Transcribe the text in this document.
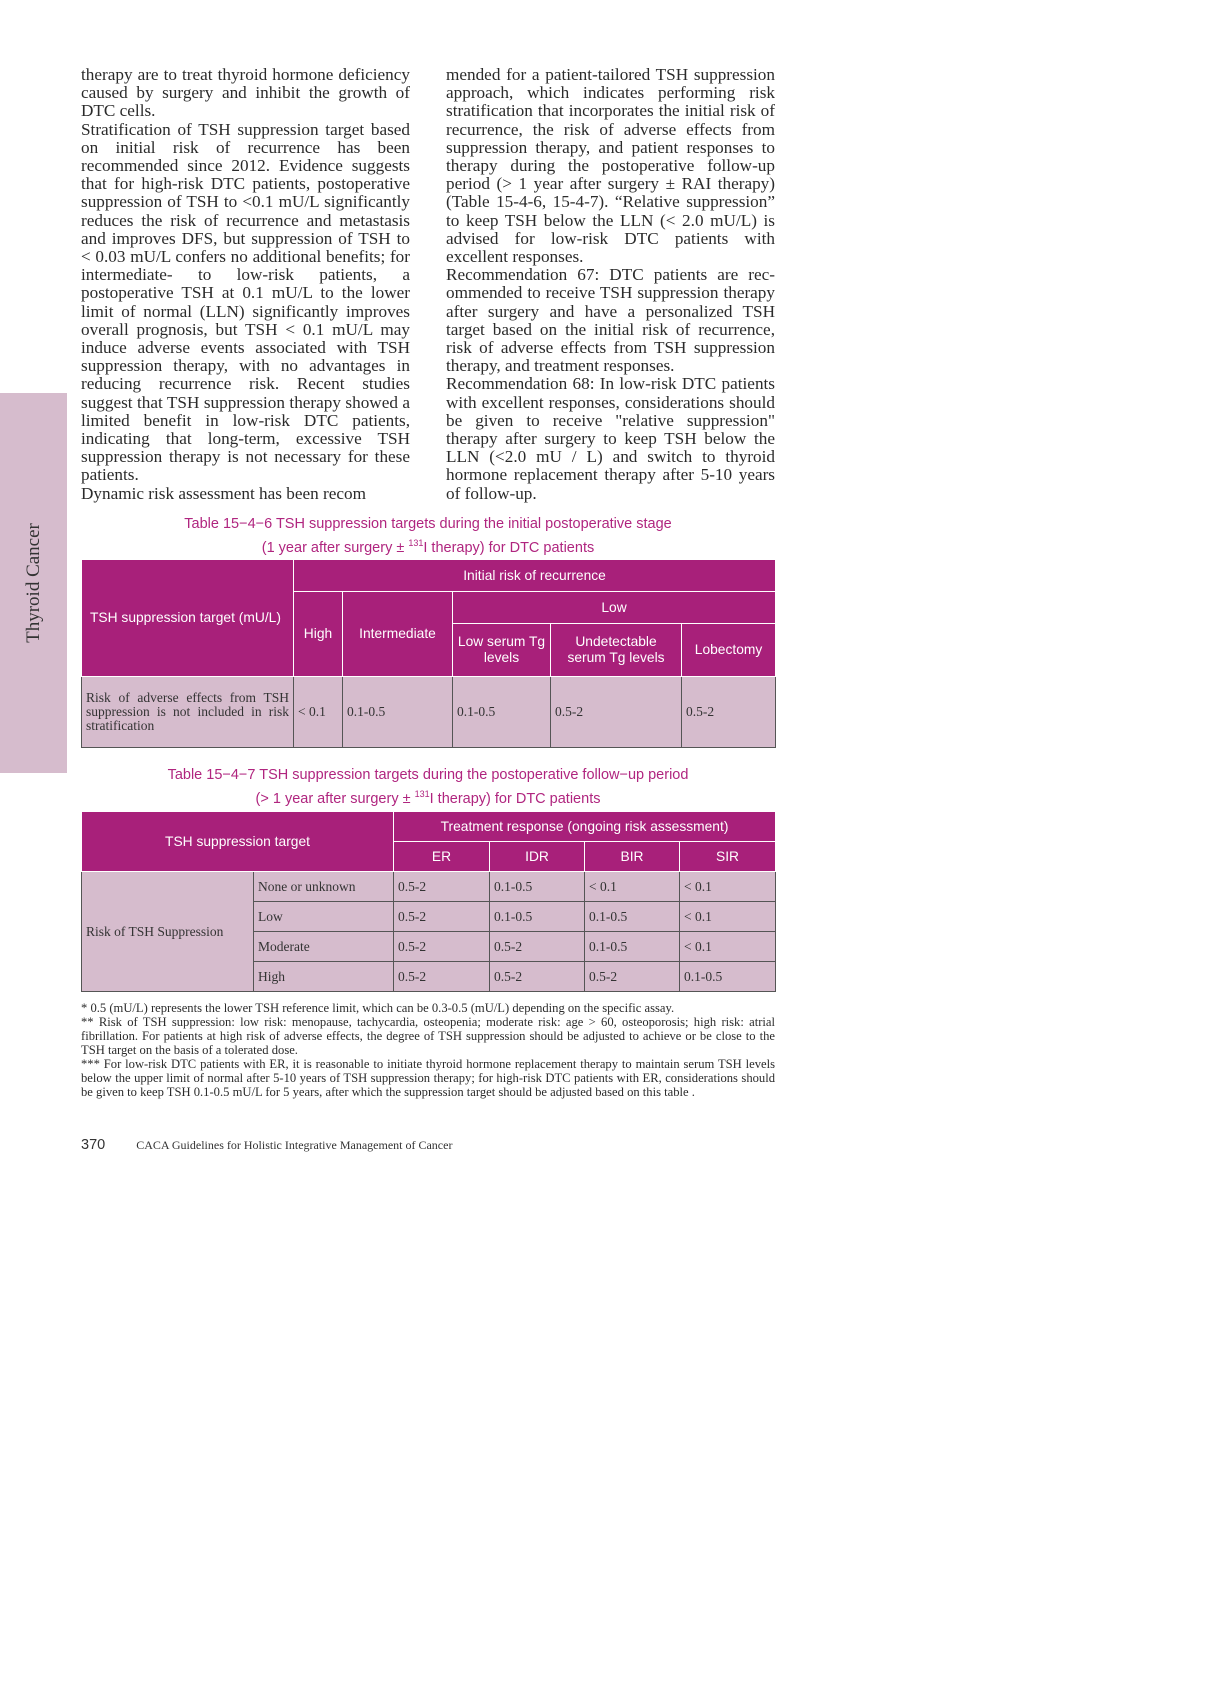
Thyroid Cancer

therapy are to treat thyroid hormone deficiency caused by surgery and inhibit the growth of DTC cells.

Stratification of TSH suppression target based on initial risk of recurrence has been recommended since 2012. Evidence suggests that for high-risk DTC patients, postoperative suppression of TSH to <0.1 mU/L significantly reduces the risk of recurrence and metastasis and improves DFS, but suppression of TSH to < 0.03 mU/L confers no additional benefits; for intermediate- to low-risk patients, a postoperative TSH at 0.1 mU/L to the lower limit of normal (LLN) significantly improves overall prognosis, but TSH < 0.1 mU/L may induce adverse events associated with TSH suppression therapy, with no advantages in reducing recurrence risk. Recent studies suggest that TSH suppression therapy showed a limited benefit in low-risk DTC patients, indicating that long-term, excessive TSH suppression therapy is not necessary for these patients.

Dynamic risk assessment has been recom

mended for a patient-tailored TSH suppression approach, which indicates performing risk stratification that incorporates the initial risk of recurrence, the risk of adverse effects from suppression therapy, and patient responses to therapy during the postoperative follow-up period (> 1 year after surgery ± RAI therapy) (Table 15-4-6, 15-4-7). “Relative suppression” to keep TSH below the LLN (< 2.0 mU/L) is advised for low-risk DTC patients with excellent responses.

Recommendation 67: DTC patients are recommended to receive TSH suppression therapy after surgery and have a personalized TSH target based on the initial risk of recurrence, risk of adverse effects from TSH suppression therapy, and treatment responses.

Recommendation 68: In low-risk DTC patients with excellent responses, considerations should be given to receive "relative suppression" therapy after surgery to keep TSH below the LLN (<2.0 mU / L) and switch to thyroid hormone replacement therapy after 5-10 years of follow-up.

Table 15−4−6 TSH suppression targets during the initial postoperative stage
(1 year after surgery ± $^{131}$I therapy) for DTC patients
TSH suppression target (mU/L)	Initial risk of recurrence				
	High	Intermediate	Low		
			Low serum Tg levels	Undetectable serum Tg levels	Lobectomy
Risk of adverse effects from TSH suppression is not included in risk stratification	< 0.1	0.1-0.5	0.1-0.5	0.5-2	0.5-2
Table 15−4−7 TSH suppression targets during the postoperative follow−up period
(> 1 year after surgery ± $^{131}$I therapy) for DTC patients
TSH suppression target		Treatment response (ongoing risk assessment)			
		ER	IDR	BIR	SIR
Risk of TSH Suppression	None or unknown	0.5-2	0.1-0.5	< 0.1	< 0.1
	Low	0.5-2	0.1-0.5	0.1-0.5	< 0.1
	Moderate	0.5-2	0.5-2	0.1-0.5	< 0.1
	High	0.5-2	0.5-2	0.5-2	0.1-0.5

* 0.5 (mU/L) represents the lower TSH reference limit, which can be 0.3-0.5 (mU/L) depending on the specific assay.

** Risk of TSH suppression: low risk: menopause, tachycardia, osteopenia; moderate risk: age > 60, osteoporosis; high risk: atrial fibrillation. For patients at high risk of adverse effects, the degree of TSH suppression should be adjusted to achieve or be close to the TSH target on the basis of a tolerated dose.

*** For low-risk DTC patients with ER, it is reasonable to initiate thyroid hormone replacement therapy to maintain serum TSH levels below the upper limit of normal after 5-10 years of TSH suppression therapy; for high-risk DTC patients with ER, considerations should be given to keep TSH 0.1-0.5 mU/L for 5 years, after which the suppression target should be adjusted based on this table .

370	CACA Guidelines for Holistic Integrative Management of Cancer
